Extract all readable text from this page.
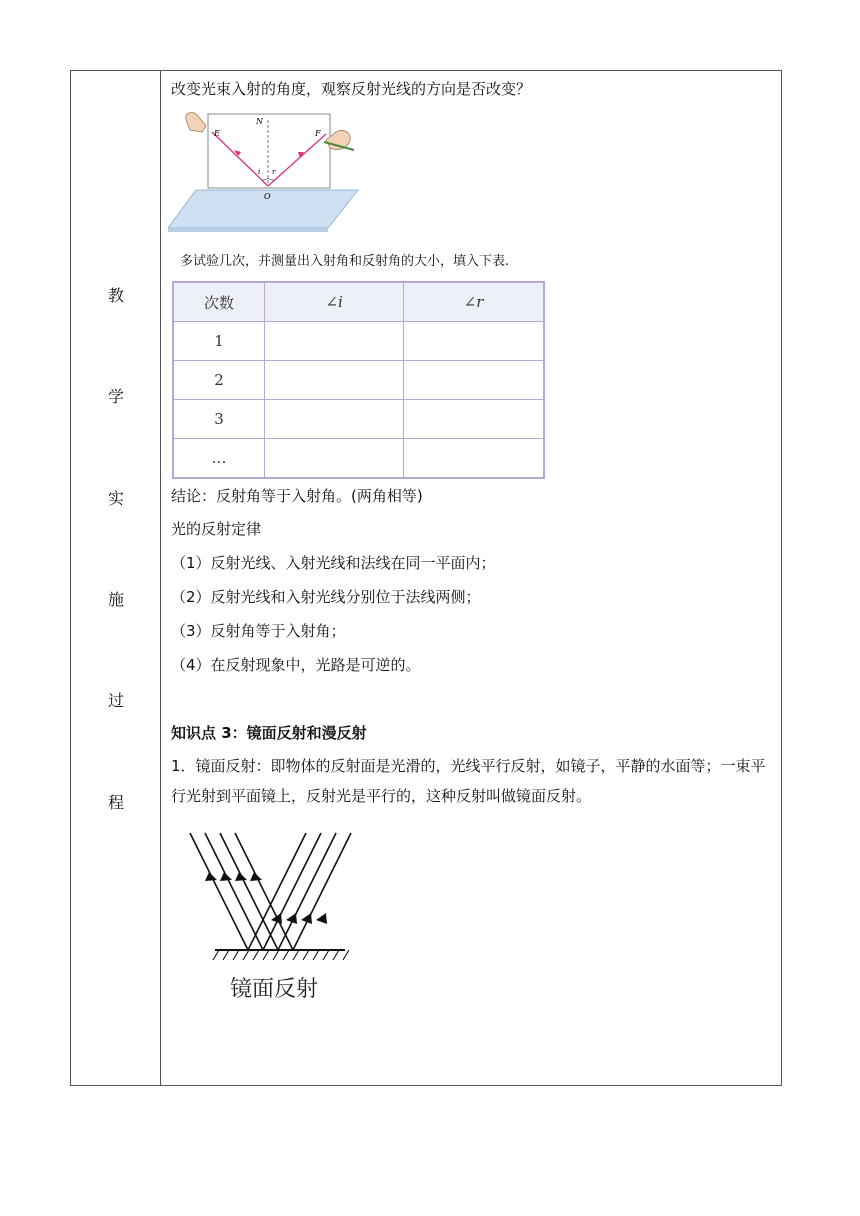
教
学
实
施
过
程
改变光束入射的角度，观察反射光线的方向是否改变？
E
N
F
i r
O
多试验几次，并测量出入射角和反射角的大小，填入下表.
次数	∠i	∠r
1		
2		
3		
…		
结论：反射角等于入射角。(两角相等)
光的反射定律
（1）反射光线、入射光线和法线在同一平面内；
（2）反射光线和入射光线分别位于法线两侧；
（3）反射角等于入射角；
（4）在反射现象中，光路是可逆的。
知识点 3：镜面反射和漫反射
1．镜面反射：即物体的反射面是光滑的，光线平行反射，如镜子，平静的水面等；一束平行光射到平面镜上，反射光是平行的，这种反射叫做镜面反射。
镜面反射
